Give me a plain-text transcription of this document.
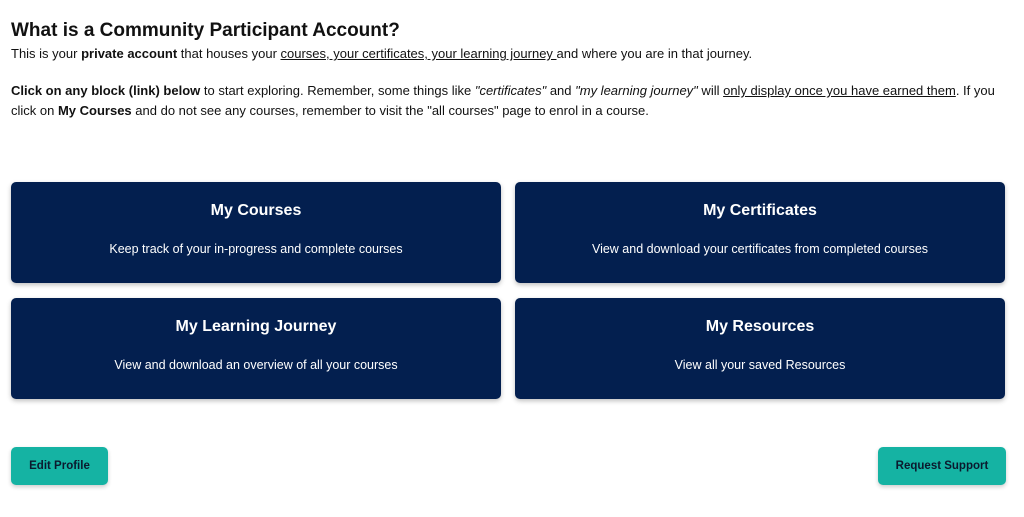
What is a Community Participant Account?

This is your private account that houses your courses, your certificates, your learning journey and where you are in that journey.

Click on any block (link) below to start exploring. Remember, some things like "certificates" and "my learning journey" will only display once you have earned them. If you click on My Courses and do not see any courses, remember to visit the "all courses" page to enrol in a course.

My Courses
Keep track of your in-progress and complete courses
My Certificates
View and download your certificates from completed courses
My Learning Journey
View and download an overview of all your courses
My Resources
View all your saved Resources
Edit Profile	Request Support
